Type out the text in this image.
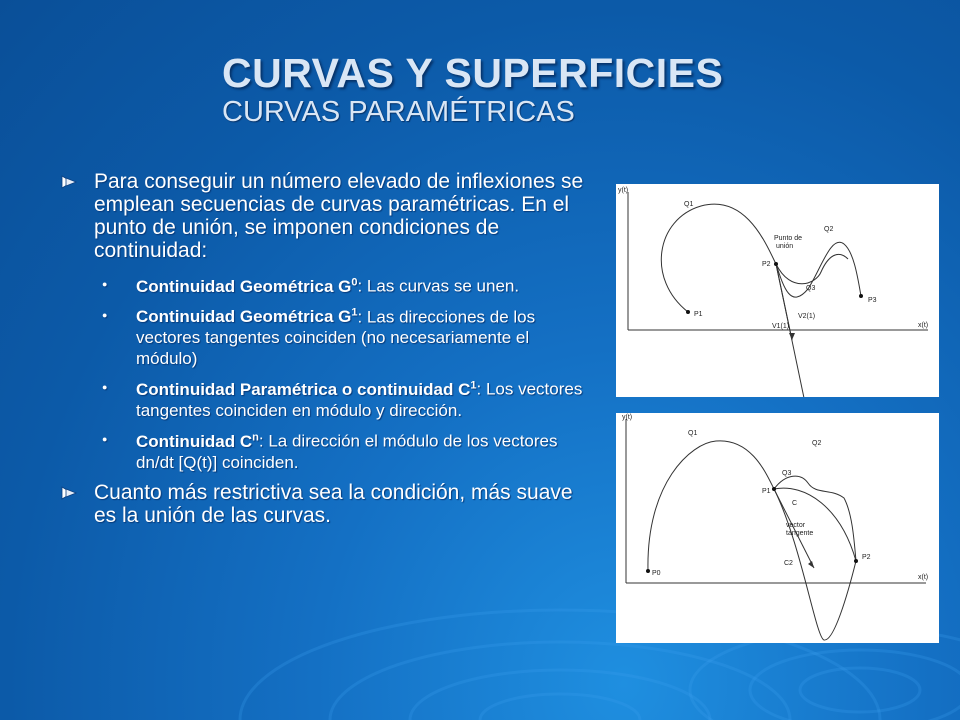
CURVAS Y SUPERFICIES
CURVAS PARAMÉTRICAS
Para conseguir un número elevado de inflexiones se emplean secuencias de curvas paramétricas. En el punto de unión, se imponen condiciones de continuidad:
●	Continuidad Geométrica $G^0$: Las curvas se unen.
●	Continuidad Geométrica $G^1$: Las direcciones de los vectores tangentes coinciden (no necesariamente el módulo)
●	Continuidad Paramétrica o continuidad $C^1$: Los vectores tangentes coinciden en módulo y dirección.
●	Continuidad $C^n$: La dirección el módulo de los vectores dn/dt [Q(t)] coinciden.
Cuanto más restrictiva sea la condición, más suave es la unión de las curvas.
y(t)
x(t)
Q1
Q2
Q3
P1
P2
P3
Punto de
unión
V1(1)
V2(1)
y(t)
x(t)
Q1
Q2
Q3
P0
P1
P2
C
vector
tangente
C2
